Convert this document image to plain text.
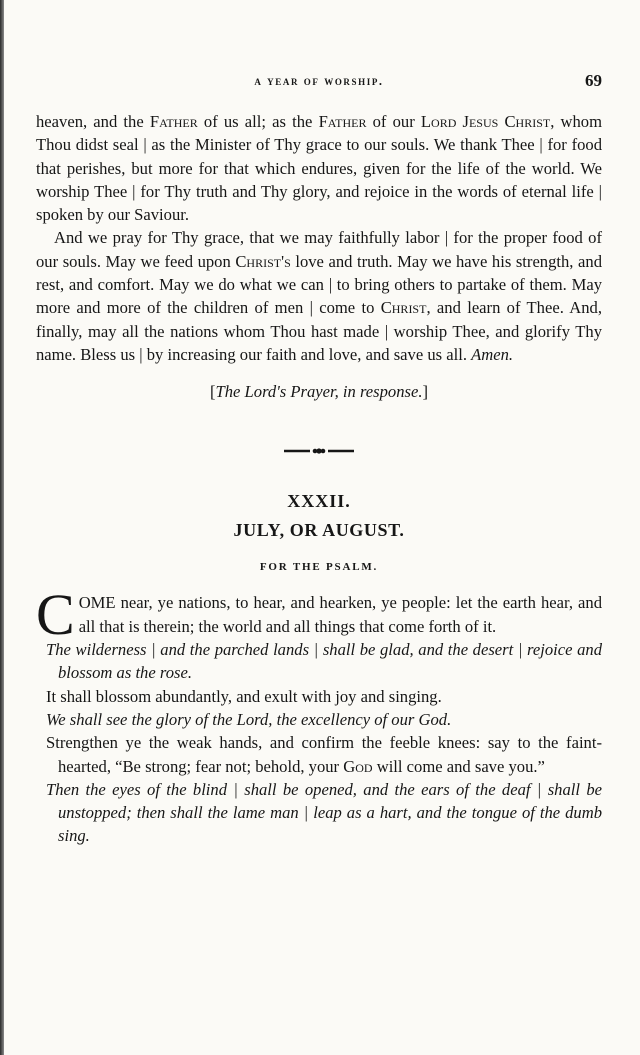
a year of worship.	69

heaven, and the Father of us all; as the Father of our Lord Jesus Christ, whom Thou didst seal | as the Minister of Thy grace to our souls. We thank Thee | for food that perishes, but more for that which endures, given for the life of the world. We worship Thee | for Thy truth and Thy glory, and rejoice in the words of eternal life | spoken by our Saviour.

And we pray for Thy grace, that we may faithfully labor | for the proper food of our souls. May we feed upon Christ's love and truth. May we have his strength, and rest, and comfort. May we do what we can | to bring others to partake of them. May more and more of the children of men | come to Christ, and learn of Thee. And, finally, may all the nations whom Thou hast made | worship Thee, and glorify Thy name. Bless us | by increasing our faith and love, and save us all. Amen.

[The Lord's Prayer, in response.]
XXXII.
JULY, OR AUGUST.
FOR THE PSALM.

COME near, ye nations, to hear, and hearken, ye people: let the earth hear, and all that is therein; the world and all things that come forth of it.

The wilderness | and the parched lands | shall be glad, and the desert | rejoice and blossom as the rose.

It shall blossom abundantly, and exult with joy and singing.

We shall see the glory of the Lord, the excellency of our God.

Strengthen ye the weak hands, and confirm the feeble knees: say to the faint-hearted, “Be strong; fear not; behold, your God will come and save you.”

Then the eyes of the blind | shall be opened, and the ears of the deaf | shall be unstopped; then shall the lame man | leap as a hart, and the tongue of the dumb sing.
